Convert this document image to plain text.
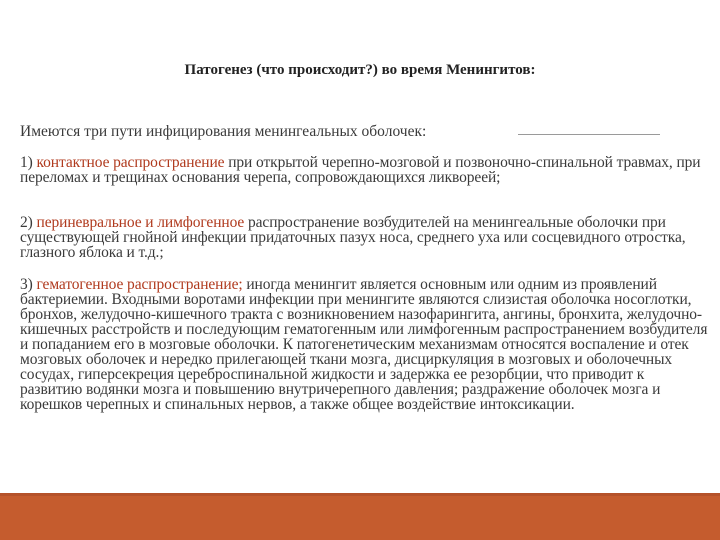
Патогенез (что происходит?) во время Менингитов:
Имеются три пути инфицирования менингеальных оболочек:
1) контактное распространение при открытой черепно-мозговой и позвоночно-спинальной травмах, при переломах и трещинах основания черепа, сопровождающихся ликвореей;
2) периневральное и лимфогенное распространение возбудителей на менингеальные оболочки при существующей гнойной инфекции придаточных пазух носа, среднего уха или сосцевидного отростка, глазного яблока и т.д.;
3) гематогенное распространение; иногда менингит является основным или одним из проявлений бактериемии. Входными воротами инфекции при менингите являются слизистая оболочка носоглотки, бронхов, желудочно-кишечного тракта с возникновением назофарингита, ангины, бронхита, желудочно-кишечных расстройств и последующим гематогенным или лимфогенным распространением возбудителя и попаданием его в мозговые оболочки. К патогенетическим механизмам относятся воспаление и отек мозговых оболочек и нередко прилегающей ткани мозга, дисциркуляция в мозговых и оболочечных сосудах, гиперсекреция цереброспинальной жидкости и задержка ее резорбции, что приводит к развитию водянки мозга и повышению внутричерепного давления; раздражение оболочек мозга и корешков черепных и спинальных нервов, а также общее воздействие интоксикации.
